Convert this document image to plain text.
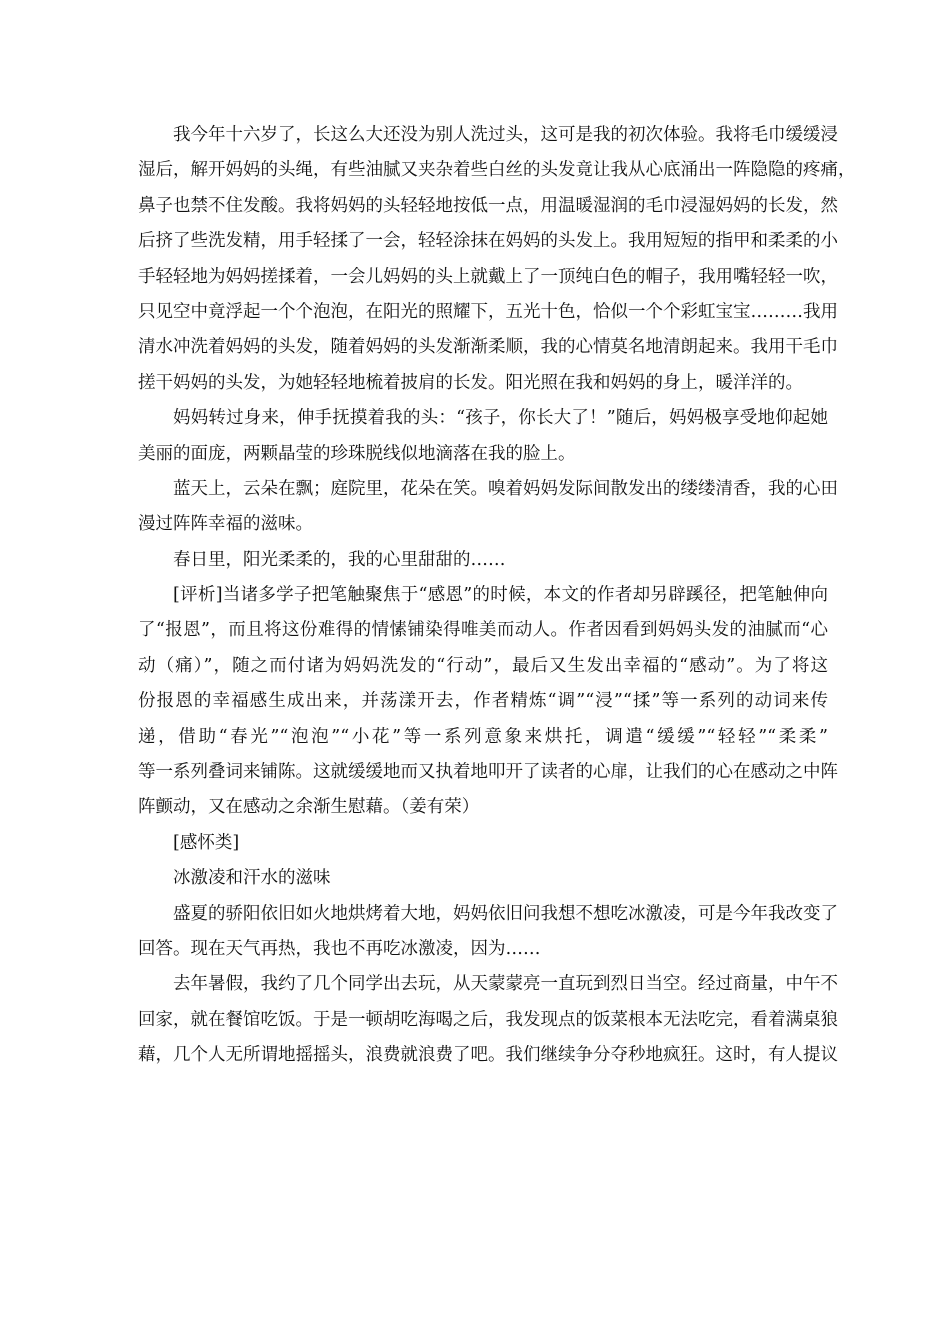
我今年十六岁了，长这么大还没为别人洗过头，这可是我的初次体验。我将毛巾缓缓浸
湿后，解开妈妈的头绳，有些油腻又夹杂着些白丝的头发竟让我从心底涌出一阵隐隐的疼痛，
鼻子也禁不住发酸。我将妈妈的头轻轻地按低一点，用温暖湿润的毛巾浸湿妈妈的长发，然
后挤了些洗发精，用手轻揉了一会，轻轻涂抹在妈妈的头发上。我用短短的指甲和柔柔的小
手轻轻地为妈妈搓揉着，一会儿妈妈的头上就戴上了一顶纯白色的帽子，我用嘴轻轻一吹，
只见空中竟浮起一个个泡泡，在阳光的照耀下，五光十色，恰似一个个彩虹宝宝………我用
清水冲洗着妈妈的头发，随着妈妈的头发渐渐柔顺，我的心情莫名地清朗起来。我用干毛巾
搓干妈妈的头发，为她轻轻地梳着披肩的长发。阳光照在我和妈妈的身上，暖洋洋的。
妈妈转过身来，伸手抚摸着我的头：“孩子，你长大了！”随后，妈妈极享受地仰起她
美丽的面庞，两颗晶莹的珍珠脱线似地滴落在我的脸上。
蓝天上，云朵在飘；庭院里，花朵在笑。嗅着妈妈发际间散发出的缕缕清香，我的心田
漫过阵阵幸福的滋味。
春日里，阳光柔柔的，我的心里甜甜的……
[评析]当诸多学子把笔触聚焦于“感恩”的时候，本文的作者却另辟蹊径，把笔触伸向
了“报恩”，而且将这份难得的情愫铺染得唯美而动人。作者因看到妈妈头发的油腻而“心
动（痛）”，随之而付诸为妈妈洗发的“行动”，最后又生发出幸福的“感动”。为了将这
份报恩的幸福感生成出来，并荡漾开去，作者精炼“调”“浸”“揉”等一系列的动词来传
递，借助“春光”“泡泡”“小花”等一系列意象来烘托，调遣“缓缓”“轻轻”“柔柔”
等一系列叠词来铺陈。这就缓缓地而又执着地叩开了读者的心扉，让我们的心在感动之中阵
阵颤动，又在感动之余渐生慰藉。（姜有荣）
[感怀类]
冰激凌和汗水的滋味
盛夏的骄阳依旧如火地烘烤着大地，妈妈依旧问我想不想吃冰激凌，可是今年我改变了
回答。现在天气再热，我也不再吃冰激凌，因为……
去年暑假，我约了几个同学出去玩，从天蒙蒙亮一直玩到烈日当空。经过商量，中午不
回家，就在餐馆吃饭。于是一顿胡吃海喝之后，我发现点的饭菜根本无法吃完，看着满桌狼
藉，几个人无所谓地摇摇头，浪费就浪费了吧。我们继续争分夺秒地疯狂。这时，有人提议
